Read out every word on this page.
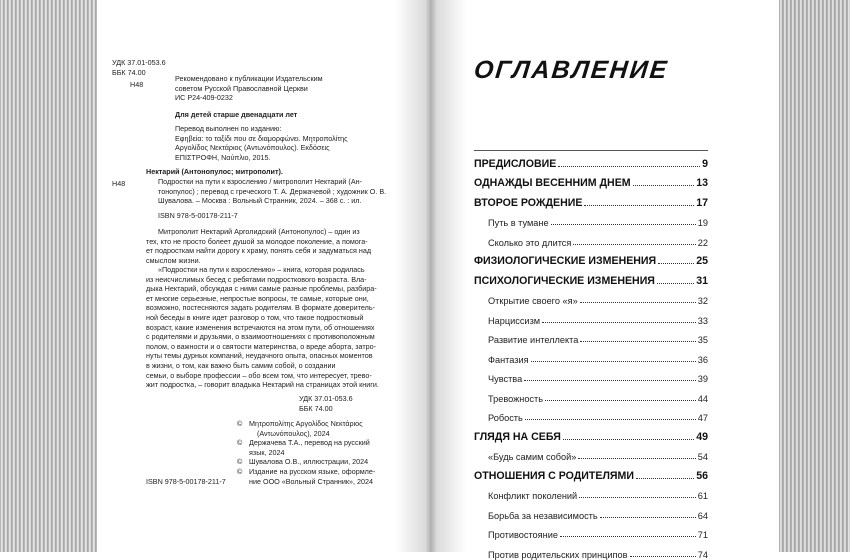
УДК 37.01-053.6
ББК 74.00
Н48
Рекомендовано к публикации Издательским
советом Русской Православной Церкви
ИС Р24-409-0232
Для детей старше двенадцати лет
Перевод выполнен по изданию:
Εφηβεία: το ταξίδι που σε διαμορφώνει. Μητροπολίτης
Αργολίδος Νεκτάριος (Αντωνόπουλος). Εκδόσεις
ΕΠΙΣΤΡΟΦΗ, Ναύπλιο, 2015.
Нектарий (Антонопулос; митрополит).
Н48	Подростки на пути к взрослению / митрополит Нектарий (Ан-
тонопулос) ; перевод с греческого Т. А. Держачевой ; художник О. В.
Шувалова. – Москва : Вольный Странник, 2024. – 368 с. : ил.
ISBN 978-5-00178-211-7
Митрополит Нектарий Арголидский (Антонопулос) – один из
тех, кто не просто болеет душой за молодое поколение, а помога-
ет подросткам найти дорогу к храму, понять себя и задуматься над
смыслом жизни.
«Подростки на пути к взрослению» – книга, которая родилась
из неисчислимых бесед с ребятами подросткового возраста. Вла-
дыка Нектарий, обсуждая с ними самые разные проблемы, разбира-
ет многие серьезные, непростые вопросы, те самые, которые они,
возможно, постесняются задать родителям. В формате доверитель-
ной беседы в книге идет разговор о том, что такое подростковый
возраст, какие изменения встречаются на этом пути, об отношениях
с родителями и друзьями, о взаимоотношениях с противоположным
полом, о важности и о святости материнства, о вреде аборта, затро-
нуты темы дурных компаний, неудачного опыта, опасных моментов
в жизни, о том, как важно быть самим собой, о создании
семьи, о выборе профессии – обо всем том, что интересует, трево-
жит подростка, – говорит владыка Нектарий на страницах этой книги.
УДК 37.01-053.6
ББК 74.00
© Μητροπολίτης Αργολίδος Νεκτάριος
(Αντωνόπουλος), 2024
© Держачева Т.А., перевод на русский
язык, 2024
© Шувалова О.В., иллюстрации, 2024
© Издание на русском языке, оформле-
ние ООО «Вольный Странник», 2024
ISBN 978-5-00178-211-7
ОГЛАВЛЕНИЕ
ПРЕДИСЛОВИЕ	9
ОДНАЖДЫ ВЕСЕННИМ ДНЕМ	13
ВТОРОЕ РОЖДЕНИЕ	17
Путь в тумане	19
Сколько это длится	22
ФИЗИОЛОГИЧЕСКИЕ ИЗМЕНЕНИЯ	25
ПСИХОЛОГИЧЕСКИЕ ИЗМЕНЕНИЯ	31
Открытие своего «я»	32
Нарциссизм	33
Развитие интеллекта	35
Фантазия	36
Чувства	39
Тревожность	44
Робость	47
ГЛЯДЯ НА СЕБЯ	49
«Будь самим собой»	54
ОТНОШЕНИЯ С РОДИТЕЛЯМИ	56
Конфликт поколений	61
Борьба за независимость	64
Противостояние	71
Против родительских принципов	74
